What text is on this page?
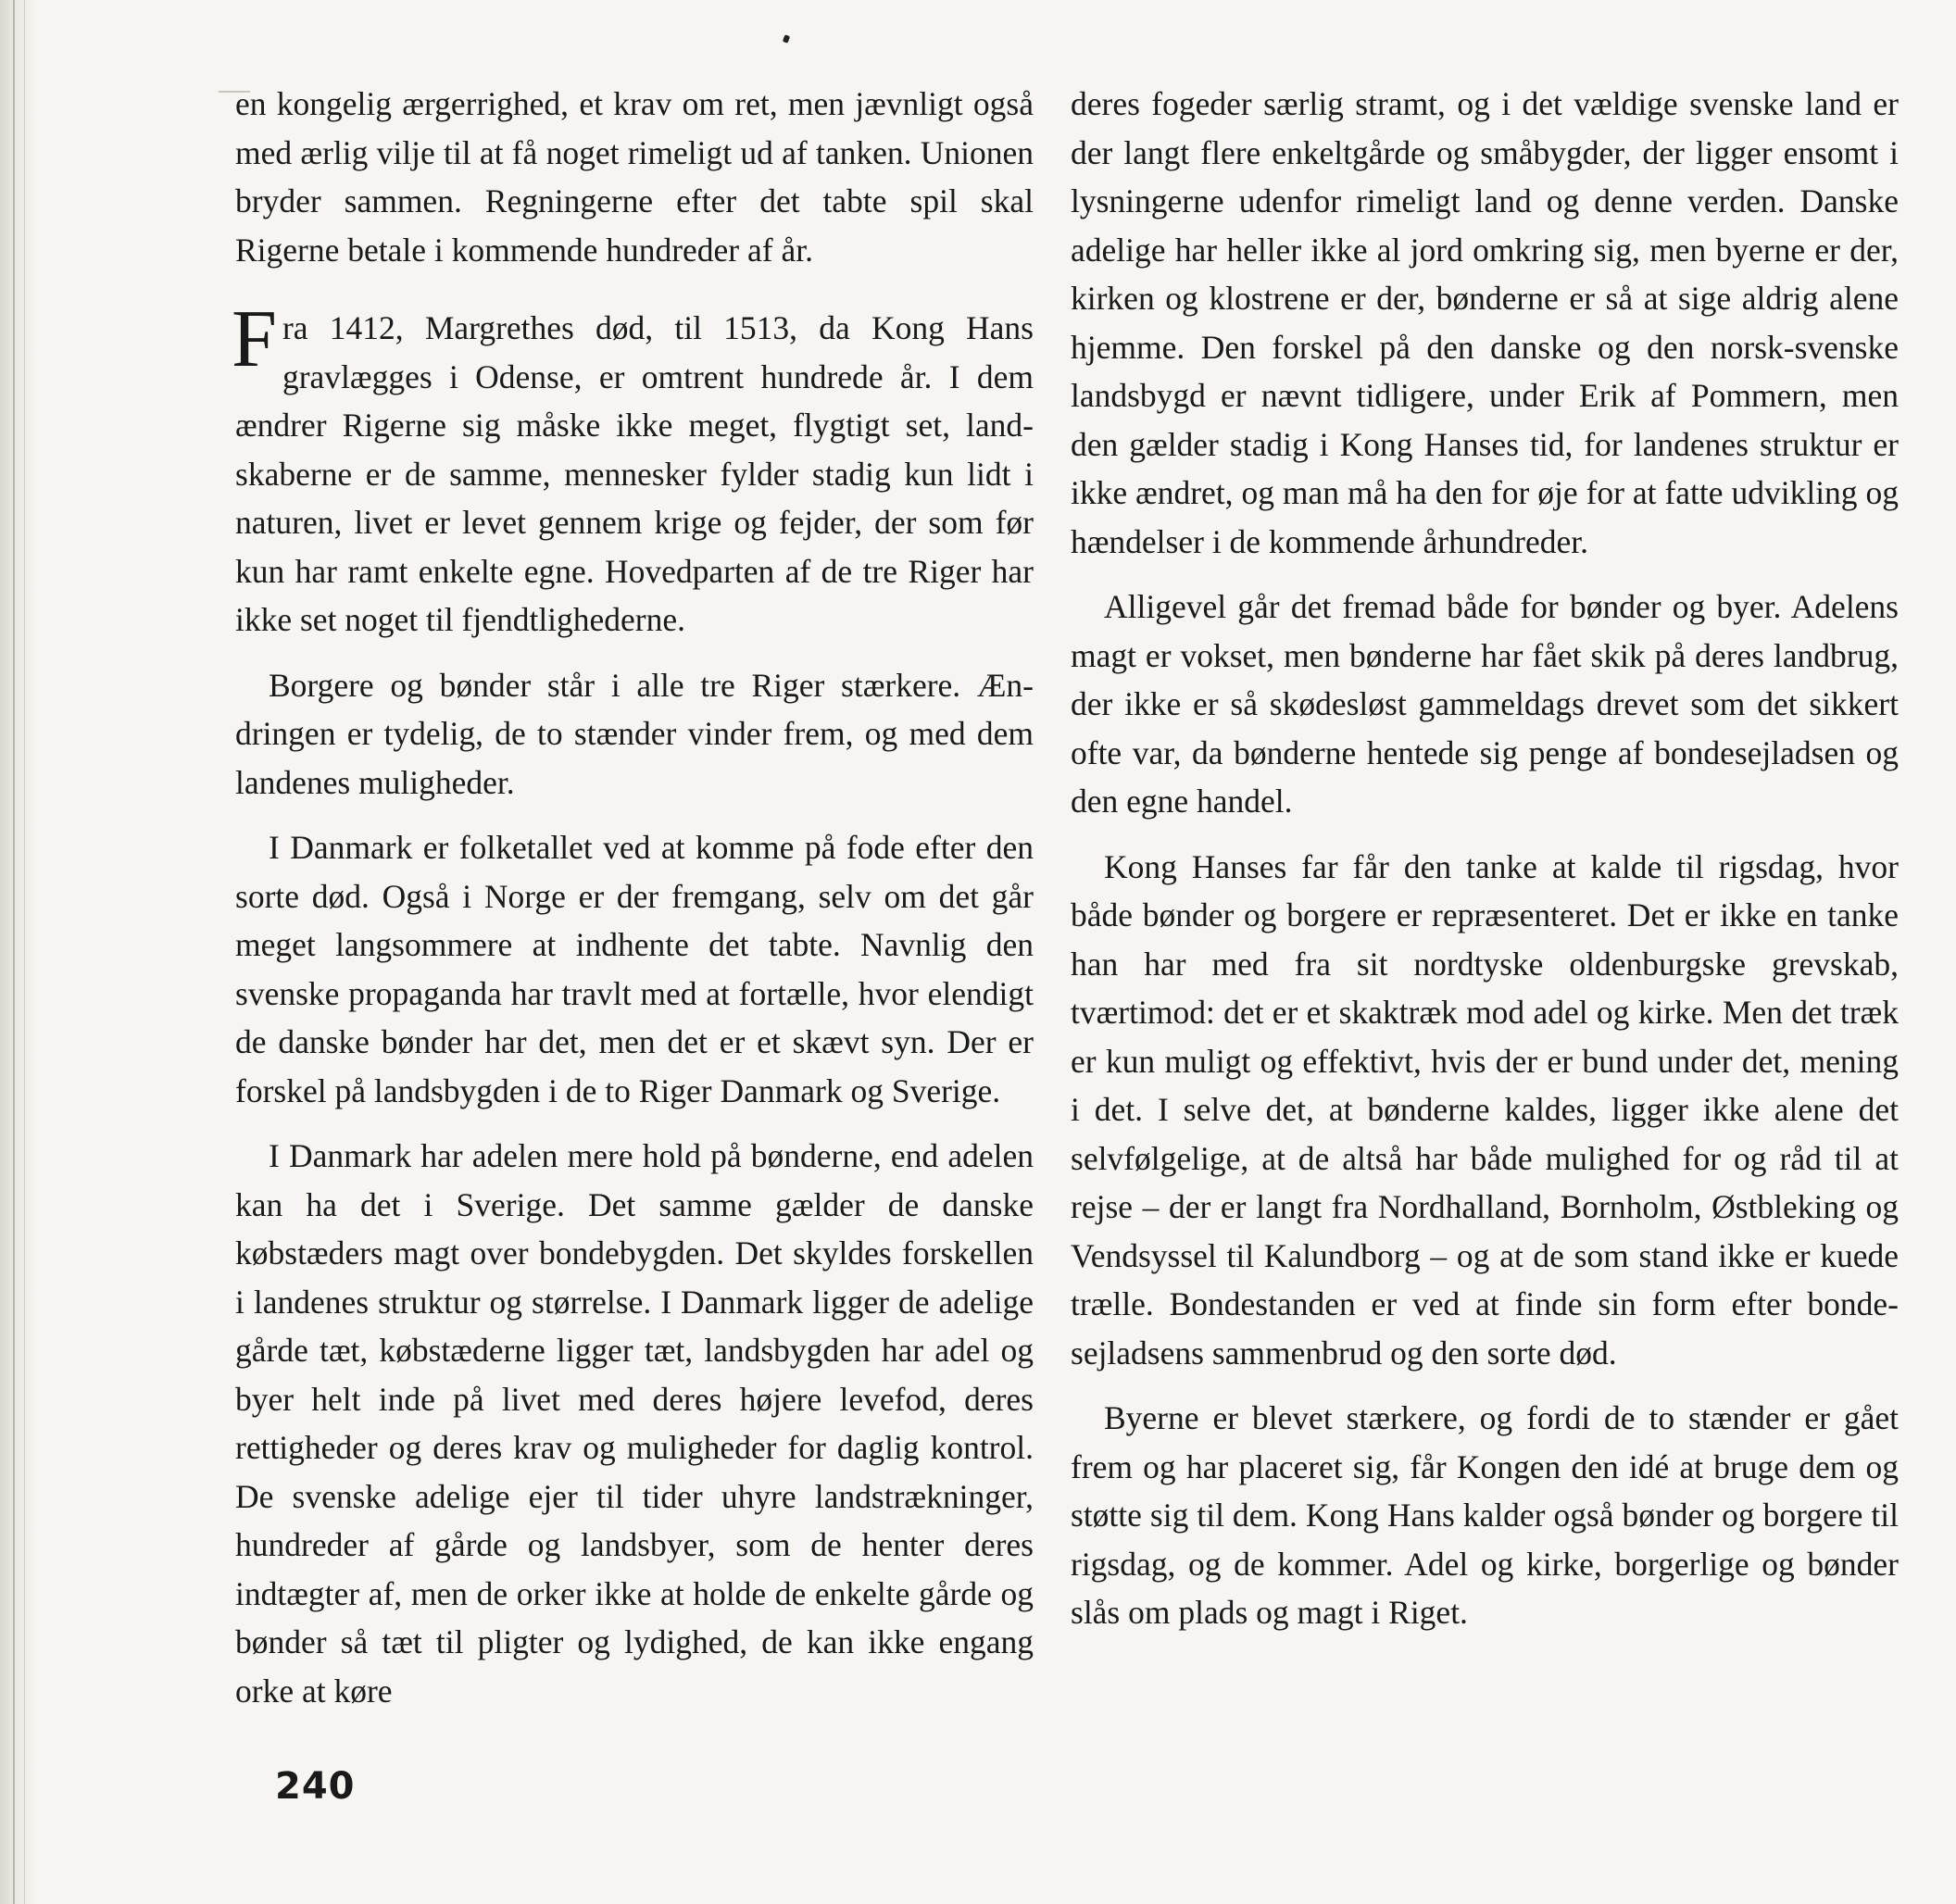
en kongelig ærgerrighed, et krav om ret, men jævnligt også med ærlig vilje til at få noget rimeligt ud af tanken. Unionen bryder sammen. Regningerne efter det tabte spil skal Rigerne betale i kommende hundreder af år.

Fra 1412, Margrethes død, til 1513, da Kong Hans gravlægges i Odense, er omtrent hundrede år. I dem ændrer Rigerne sig måske ikke meget, flygtigt set, landskaberne er de samme, mennesker fylder stadig kun lidt i naturen, livet er levet gennem krige og fejder, der som før kun har ramt enkelte egne. Hovedparten af de tre Riger har ikke set noget til fjendtlighederne.

Borgere og bønder står i alle tre Riger stærkere. Ændringen er tydelig, de to stænder vinder frem, og med dem landenes muligheder.

I Danmark er folketallet ved at komme på fode efter den sorte død. Også i Norge er der fremgang, selv om det går meget langsommere at indhente det tabte. Navnlig den svenske propaganda har travlt med at fortælle, hvor elendigt de danske bønder har det, men det er et skævt syn. Der er forskel på landsbygden i de to Riger Danmark og Sverige.

I Danmark har adelen mere hold på bønderne, end adelen kan ha det i Sverige. Det samme gælder de danske købstæders magt over bondebygden. Det skyldes forskellen i landenes struktur og størrelse. I Danmark ligger de adelige gårde tæt, købstæderne ligger tæt, landsbygden har adel og byer helt inde på livet med deres højere levefod, deres rettigheder og deres krav og muligheder for daglig kontrol. De svenske adelige ejer til tider uhyre landstrækninger, hundreder af gårde og landsbyer, som de henter deres indtægter af, men de orker ikke at holde de enkelte gårde og bønder så tæt til pligter og lydighed, de kan ikke engang orke at køre

deres fogeder særlig stramt, og i det vældige svenske land er der langt flere enkeltgårde og småbygder, der ligger ensomt i lysningerne udenfor rimeligt land og denne verden. Danske adelige har heller ikke al jord omkring sig, men byerne er der, kirken og klostrene er der, bønderne er så at sige aldrig alene hjemme. Den forskel på den danske og den norsk-svenske landsbygd er nævnt tidligere, under Erik af Pommern, men den gælder stadig i Kong Hanses tid, for landenes struktur er ikke ændret, og man må ha den for øje for at fatte udvikling og hændelser i de kommende århundreder.

Alligevel går det fremad både for bønder og byer. Adelens magt er vokset, men bønderne har fået skik på deres landbrug, der ikke er så skødesløst gammeldags drevet som det sikkert ofte var, da bønderne hentede sig penge af bondesejladsen og den egne handel.

Kong Hanses far får den tanke at kalde til rigsdag, hvor både bønder og borgere er repræsenteret. Det er ikke en tanke han har med fra sit nordtyske oldenburgske grevskab, tværtimod: det er et skaktræk mod adel og kirke. Men det træk er kun muligt og effektivt, hvis der er bund under det, mening i det. I selve det, at bønderne kaldes, ligger ikke alene det selvfølgelige, at de altså har både mulighed for og råd til at rejse – der er langt fra Nordhalland, Bornholm, Østbleking og Vendsyssel til Kalundborg – og at de som stand ikke er kuede trælle. Bondestanden er ved at finde sin form efter bondesejladsens sammenbrud og den sorte død.

Byerne er blevet stærkere, og fordi de to stænder er gået frem og har placeret sig, får Kongen den idé at bruge dem og støtte sig til dem. Kong Hans kalder også bønder og borgere til rigsdag, og de kommer. Adel og kirke, borgerlige og bønder slås om plads og magt i Riget.

240
